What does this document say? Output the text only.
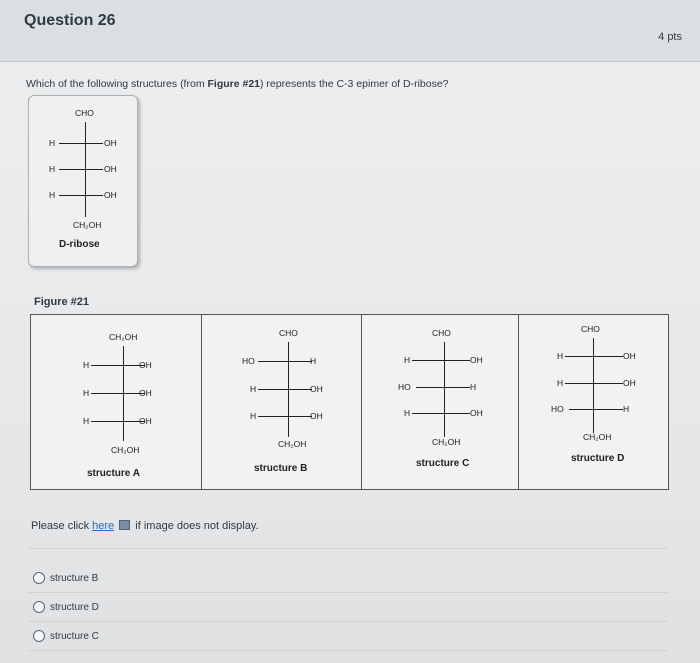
Question 26
4 pts
Which of the following structures (from Figure #21) represents the C-3 epimer of D-ribose?
CHO
H	OH
H	OH
H	OH
CH₂OH
D-ribose
Figure #21
CH₂OH
H	OH
H	OH
H	OH
CH₂OH
structure A
CHO
HO	H
H	OH
H	OH
CH₂OH
structure B
CHO
H	OH
HO	H
H	OH
CH₂OH
structure C
CHO
H	OH
H	OH
HO	H
CH₂OH
structure D
Please click here  if image does not display.
structure B
structure D
structure C
